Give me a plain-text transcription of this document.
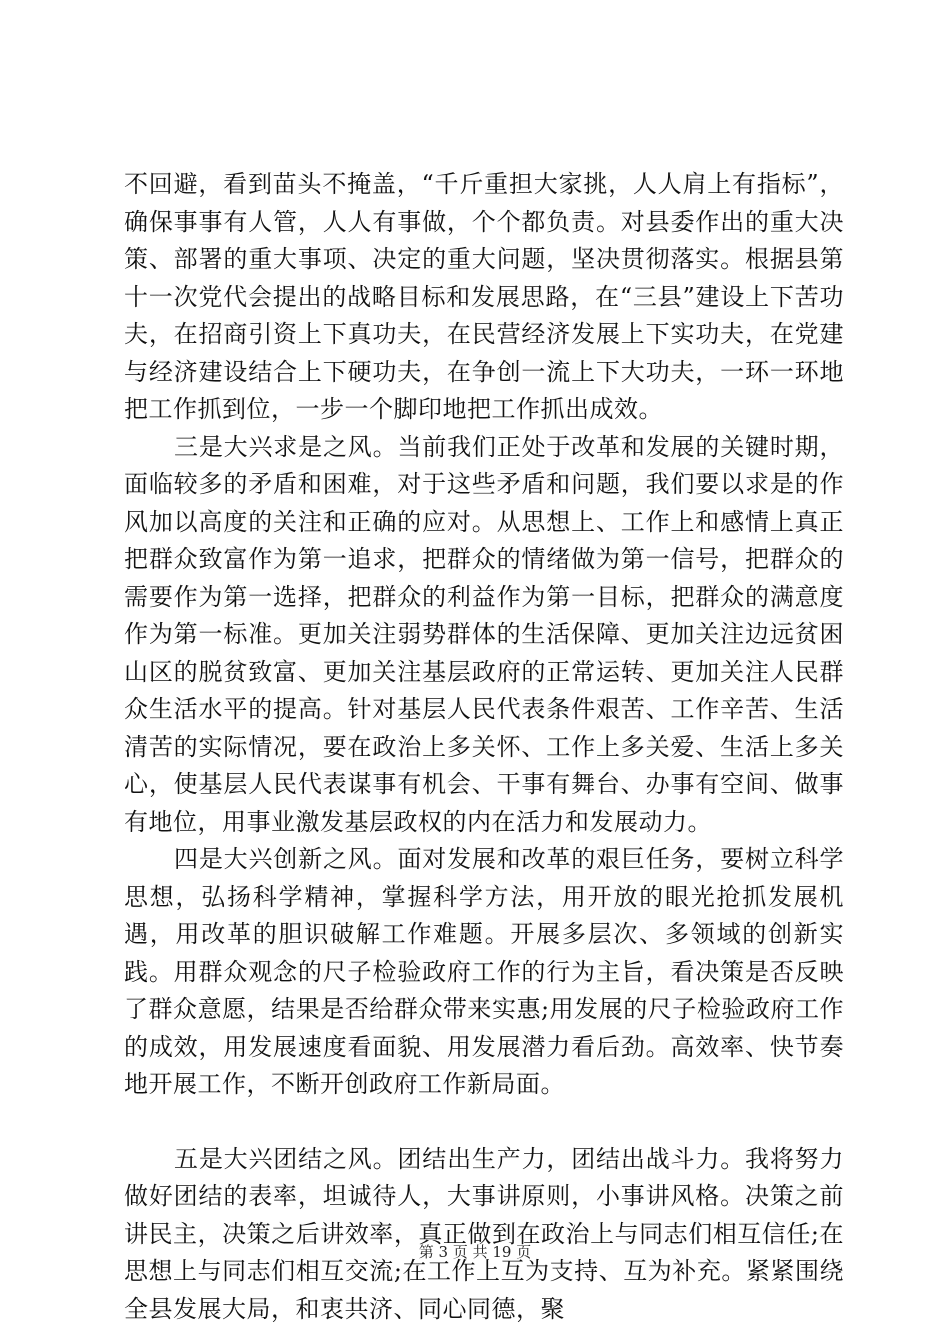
不回避，看到苗头不掩盖，“千斤重担大家挑，人人肩上有指标”，确保事事有人管，人人有事做，个个都负责。对县委作出的重大决策、部署的重大事项、决定的重大问题，坚决贯彻落实。根据县第十一次党代会提出的战略目标和发展思路，在“三县”建设上下苦功夫，在招商引资上下真功夫，在民营经济发展上下实功夫，在党建与经济建设结合上下硬功夫，在争创一流上下大功夫，一环一环地把工作抓到位，一步一个脚印地把工作抓出成效。

三是大兴求是之风。当前我们正处于改革和发展的关键时期，面临较多的矛盾和困难，对于这些矛盾和问题，我们要以求是的作风加以高度的关注和正确的应对。从思想上、工作上和感情上真正把群众致富作为第一追求，把群众的情绪做为第一信号，把群众的需要作为第一选择，把群众的利益作为第一目标，把群众的满意度作为第一标准。更加关注弱势群体的生活保障、更加关注边远贫困山区的脱贫致富、更加关注基层政府的正常运转、更加关注人民群众生活水平的提高。针对基层人民代表条件艰苦、工作辛苦、生活清苦的实际情况，要在政治上多关怀、工作上多关爱、生活上多关心，使基层人民代表谋事有机会、干事有舞台、办事有空间、做事有地位，用事业激发基层政权的内在活力和发展动力。

四是大兴创新之风。面对发展和改革的艰巨任务，要树立科学思想，弘扬科学精神，掌握科学方法，用开放的眼光抢抓发展机遇，用改革的胆识破解工作难题。开展多层次、多领域的创新实践。用群众观念的尺子检验政府工作的行为主旨，看决策是否反映了群众意愿，结果是否给群众带来实惠;用发展的尺子检验政府工作的成效，用发展速度看面貌、用发展潜力看后劲。高效率、快节奏地开展工作，不断开创政府工作新局面。

五是大兴团结之风。团结出生产力，团结出战斗力。我将努力做好团结的表率，坦诚待人，大事讲原则，小事讲风格。决策之前讲民主，决策之后讲效率，真正做到在政治上与同志们相互信任;在思想上与同志们相互交流;在工作上互为支持、互为补充。紧紧围绕全县发展大局，和衷共济、同心同德，聚

第 3 页 共 19 页
